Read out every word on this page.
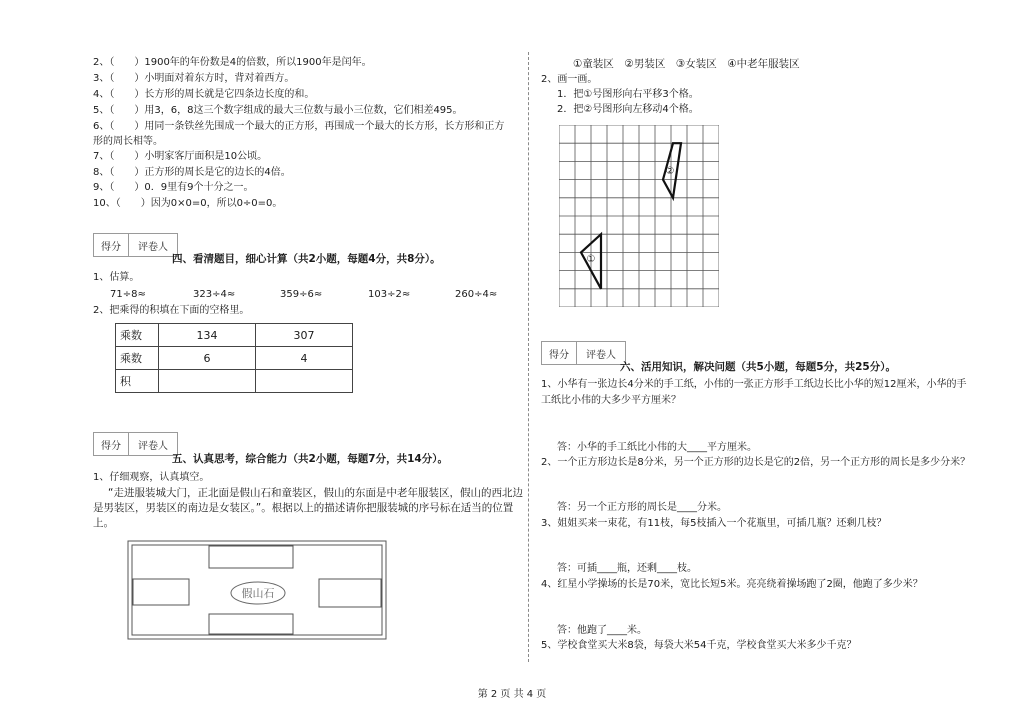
2、（　　）1900年的年份数是4的倍数，所以1900年是闰年。
3、（　　）小明面对着东方时，背对着西方。
4、（　　）长方形的周长就是它四条边长度的和。
5、（　　）用3，6，8这三个数字组成的最大三位数与最小三位数，它们相差495。
6、（　　）用同一条铁丝先围成一个最大的正方形，再围成一个最大的长方形，长方形和正方
形的周长相等。
7、（　　）小明家客厅面积是10公顷。
8、（　　）正方形的周长是它的边长的4倍。
9、（　　）0．9里有9个十分之一。
10、（　　）因为0×0=0，所以0÷0=0。
得分	评卷人
四、看清题目，细心计算（共2小题，每题4分，共8分）。
1、估算。
71÷8≈	323÷4≈	359÷6≈	103÷2≈	260÷4≈
2、把乘得的积填在下面的空格里。
乘数	134	307
乘数	6	4
积		
得分	评卷人
五、认真思考，综合能力（共2小题，每题7分，共14分）。
1、仔细观察，认真填空。
“走进服装城大门，正北面是假山石和童装区，假山的东面是中老年服装区，假山的西北边
是男装区，男装区的南边是女装区。”。根据以上的描述请你把服装城的序号标在适当的位置
上。
假山石
①童装区　②男装区　③女装区　④中老年服装区
2、画一画。
1．把①号图形向右平移3个格。
2．把②号图形向左移动4个格。
①
②
得分	评卷人
六、活用知识，解决问题（共5小题，每题5分，共25分）。
1、小华有一张边长4分米的手工纸，小伟的一张正方形手工纸边长比小华的短12厘米，小华的手
工纸比小伟的大多少平方厘米？
答：小华的手工纸比小伟的大____平方厘米。
2、一个正方形边长是8分米，另一个正方形的边长是它的2倍，另一个正方形的周长是多少分米？
答：另一个正方形的周长是____分米。
3、姐姐买来一束花，有11枝，每5枝插入一个花瓶里，可插几瓶？还剩几枝？
答：可插____瓶，还剩____枝。
4、红星小学操场的长是70米，宽比长短5米。亮亮绕着操场跑了2圈，他跑了多少米？
答：他跑了____米。
5、学校食堂买大米8袋，每袋大米54千克，学校食堂买大米多少千克？
第 2 页 共 4 页
